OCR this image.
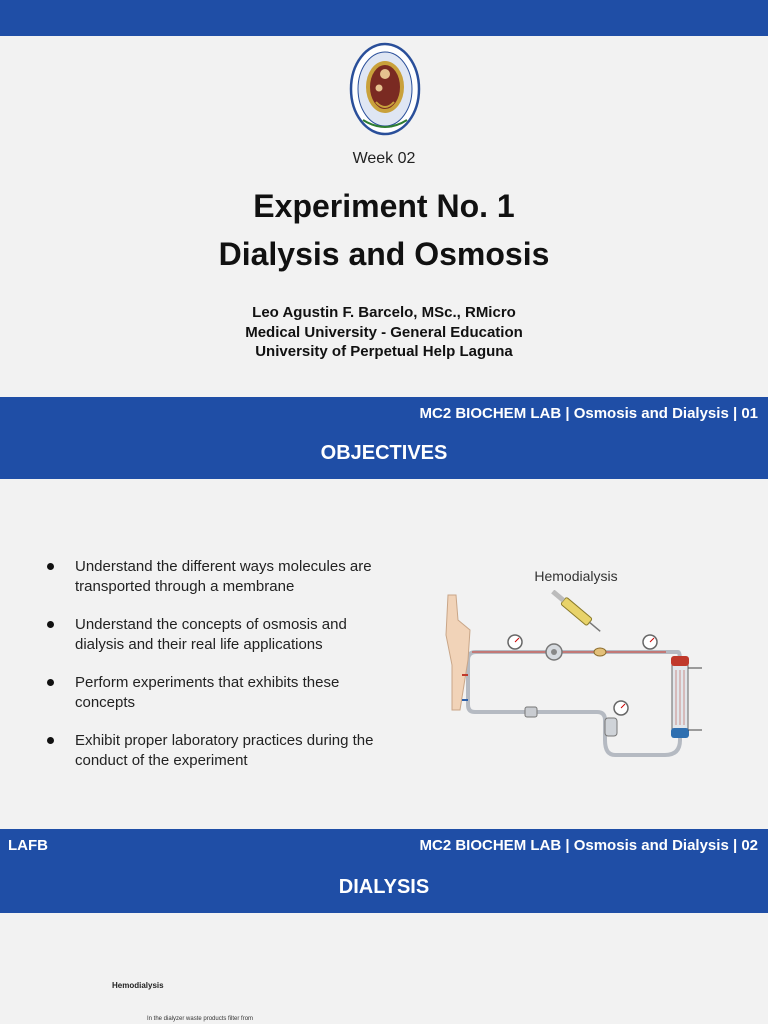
Week 02
Experiment No. 1
Dialysis and Osmosis
Leo Agustin F. Barcelo, MSc., RMicro
Medical University - General Education
University of Perpetual Help Laguna
MC2 BIOCHEM LAB | Osmosis and Dialysis | 01
OBJECTIVES
Understand the different ways molecules are transported through a membrane
Understand the concepts of osmosis and dialysis and their real life applications
Perform experiments that exhibits these concepts
Exhibit proper laboratory practices during the conduct of the experiment
Hemodialysis
LAFB	MC2 BIOCHEM LAB | Osmosis and Dialysis | 02
DIALYSIS
Hemodialysis
In the dialyzer waste products filter from
